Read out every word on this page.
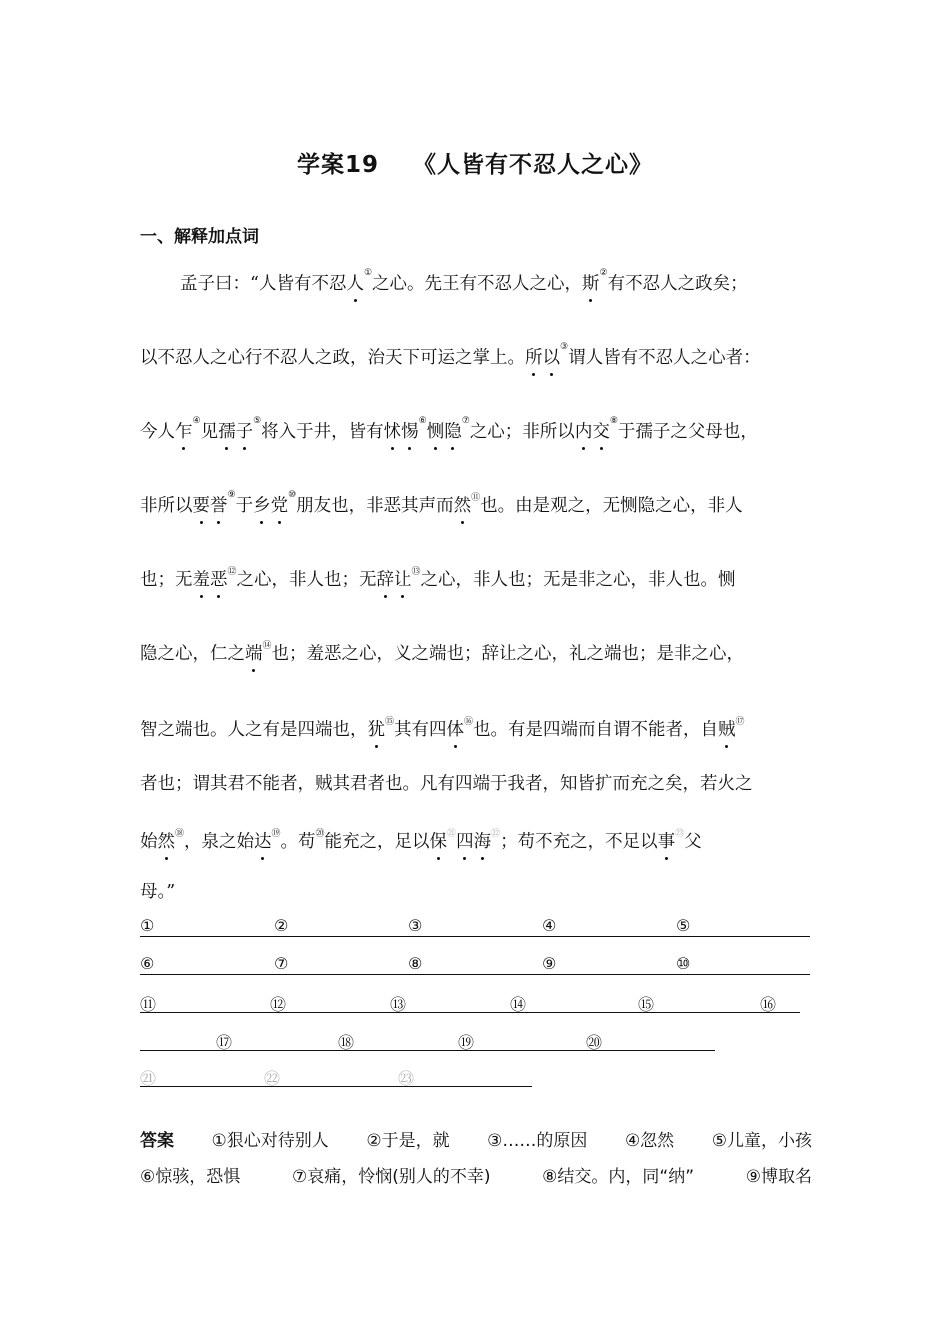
学案19 《人皆有不忍人之心》
一、解释加点词
孟子曰：“人皆有不忍人①之心。先王有不忍人之心，斯②有不忍人之政矣；
以不忍人之心行不忍人之政，治天下可运之掌上。所以③谓人皆有不忍人之心者：
今人乍④见孺子⑤将入于井，皆有怵惕⑥恻隐⑦之心；非所以内交⑧于孺子之父母也，
非所以要誉⑨于乡党⑩朋友也，非恶其声而然⑪也。由是观之，无恻隐之心，非人
也；无羞恶⑫之心，非人也；无辞让⑬之心，非人也；无是非之心，非人也。恻
隐之心，仁之端⑭也；羞恶之心，义之端也；辞让之心，礼之端也；是非之心，
智之端也。人之有是四端也，犹⑮其有四体⑯也。有是四端而自谓不能者，自贼⑰
者也；谓其君不能者，贼其君者也。凡有四端于我者，知皆扩而充之矣，若火之
始然⑱，泉之始达⑲。苟⑳能充之，足以保$^㉑$四海$^㉒$；苟不充之，不足以事$^㉓$父
母。”
①	②	③	④	⑤
⑥	⑦	⑧	⑨	⑩
⑪	⑫	⑬	⑭	⑮	⑯
⑰	⑱	⑲	⑳
㉑	㉒	㉓
答案 ①狠心对待别人 ②于是，就 ③……的原因 ④忽然 ⑤儿童，小孩
⑥惊骇，恐惧	⑦哀痛，怜悯(别人的不幸)	⑧结交。内，同“纳”	⑨博取名
